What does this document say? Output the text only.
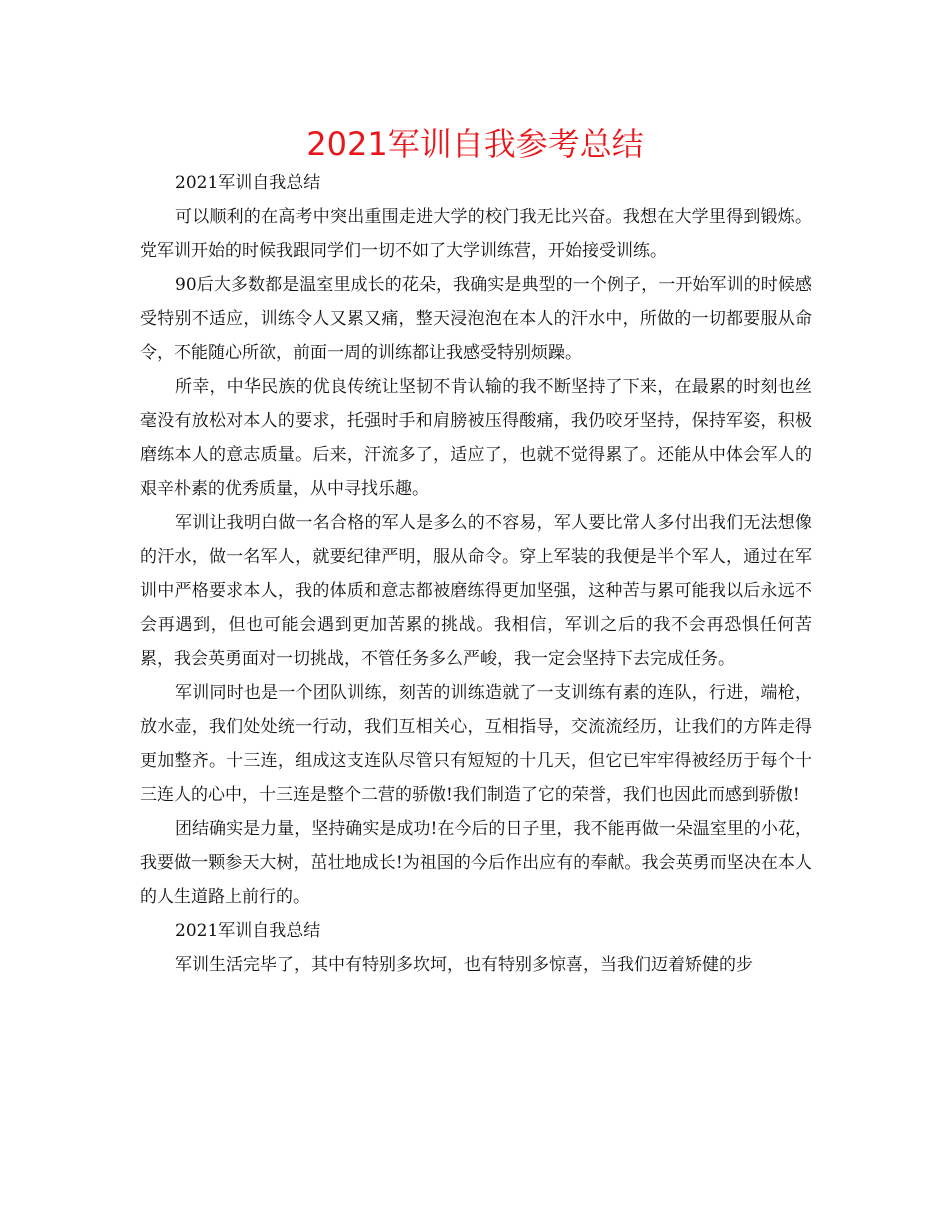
2021军训自我参考总结

2021军训自我总结

可以顺利的在高考中突出重围走进大学的校门我无比兴奋。我想在大学里得到锻炼。党军训开始的时候我跟同学们一切不如了大学训练营，开始接受训练。

90后大多数都是温室里成长的花朵，我确实是典型的一个例子，一开始军训的时候感受特别不适应，训练令人又累又痛，整天浸泡泡在本人的汗水中，所做的一切都要服从命令，不能随心所欲，前面一周的训练都让我感受特别烦躁。

所幸，中华民族的优良传统让坚韧不肯认输的我不断坚持了下来，在最累的时刻也丝毫没有放松对本人的要求，托强时手和肩膀被压得酸痛，我仍咬牙坚持，保持军姿，积极磨练本人的意志质量。后来，汗流多了，适应了，也就不觉得累了。还能从中体会军人的艰辛朴素的优秀质量，从中寻找乐趣。

军训让我明白做一名合格的军人是多么的不容易，军人要比常人多付出我们无法想像的汗水，做一名军人，就要纪律严明，服从命令。穿上军装的我便是半个军人，通过在军训中严格要求本人，我的体质和意志都被磨练得更加坚强，这种苦与累可能我以后永远不会再遇到，但也可能会遇到更加苦累的挑战。我相信，军训之后的我不会再恐惧任何苦累，我会英勇面对一切挑战，不管任务多么严峻，我一定会坚持下去完成任务。

军训同时也是一个团队训练，刻苦的训练造就了一支训练有素的连队，行进，端枪，放水壶，我们处处统一行动，我们互相关心，互相指导，交流流经历，让我们的方阵走得更加整齐。十三连，组成这支连队尽管只有短短的十几天，但它已牢牢得被经历于每个十三连人的心中，十三连是整个二营的骄傲!我们制造了它的荣誉，我们也因此而感到骄傲!

团结确实是力量，坚持确实是成功!在今后的日子里，我不能再做一朵温室里的小花，我要做一颗参天大树，茁壮地成长!为祖国的今后作出应有的奉献。我会英勇而坚决在本人的人生道路上前行的。

2021军训自我总结

军训生活完毕了，其中有特别多坎坷，也有特别多惊喜，当我们迈着矫健的步
